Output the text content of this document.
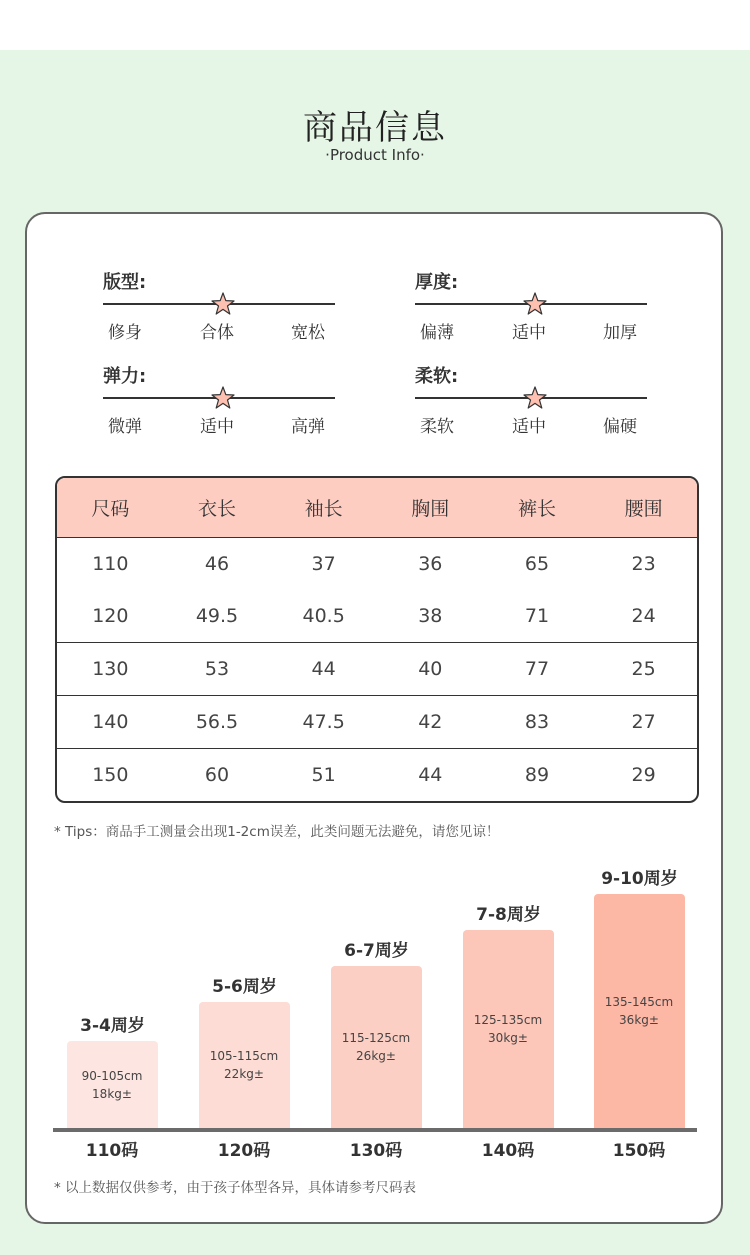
商品信息
·Product Info·
版型:
修身	合体	宽松
厚度:
偏薄	适中	加厚
弹力:
微弹	适中	高弹
柔软:
柔软	适中	偏硬
尺码	衣长	袖长	胸围	裤长	腰围
110	46	37	36	65	23
120	49.5	40.5	38	71	24
130	53	44	40	77	25
140	56.5	47.5	42	83	27
150	60	51	44	89	29
* Tips：商品手工测量会出现1-2cm误差，此类问题无法避免，请您见谅！
3-4周岁
90-105cm
18kg±
110码
5-6周岁
105-115cm
22kg±
120码
6-7周岁
115-125cm
26kg±
130码
7-8周岁
125-135cm
30kg±
140码
9-10周岁
135-145cm
36kg±
150码
* 以上数据仅供参考，由于孩子体型各异，具体请参考尺码表
